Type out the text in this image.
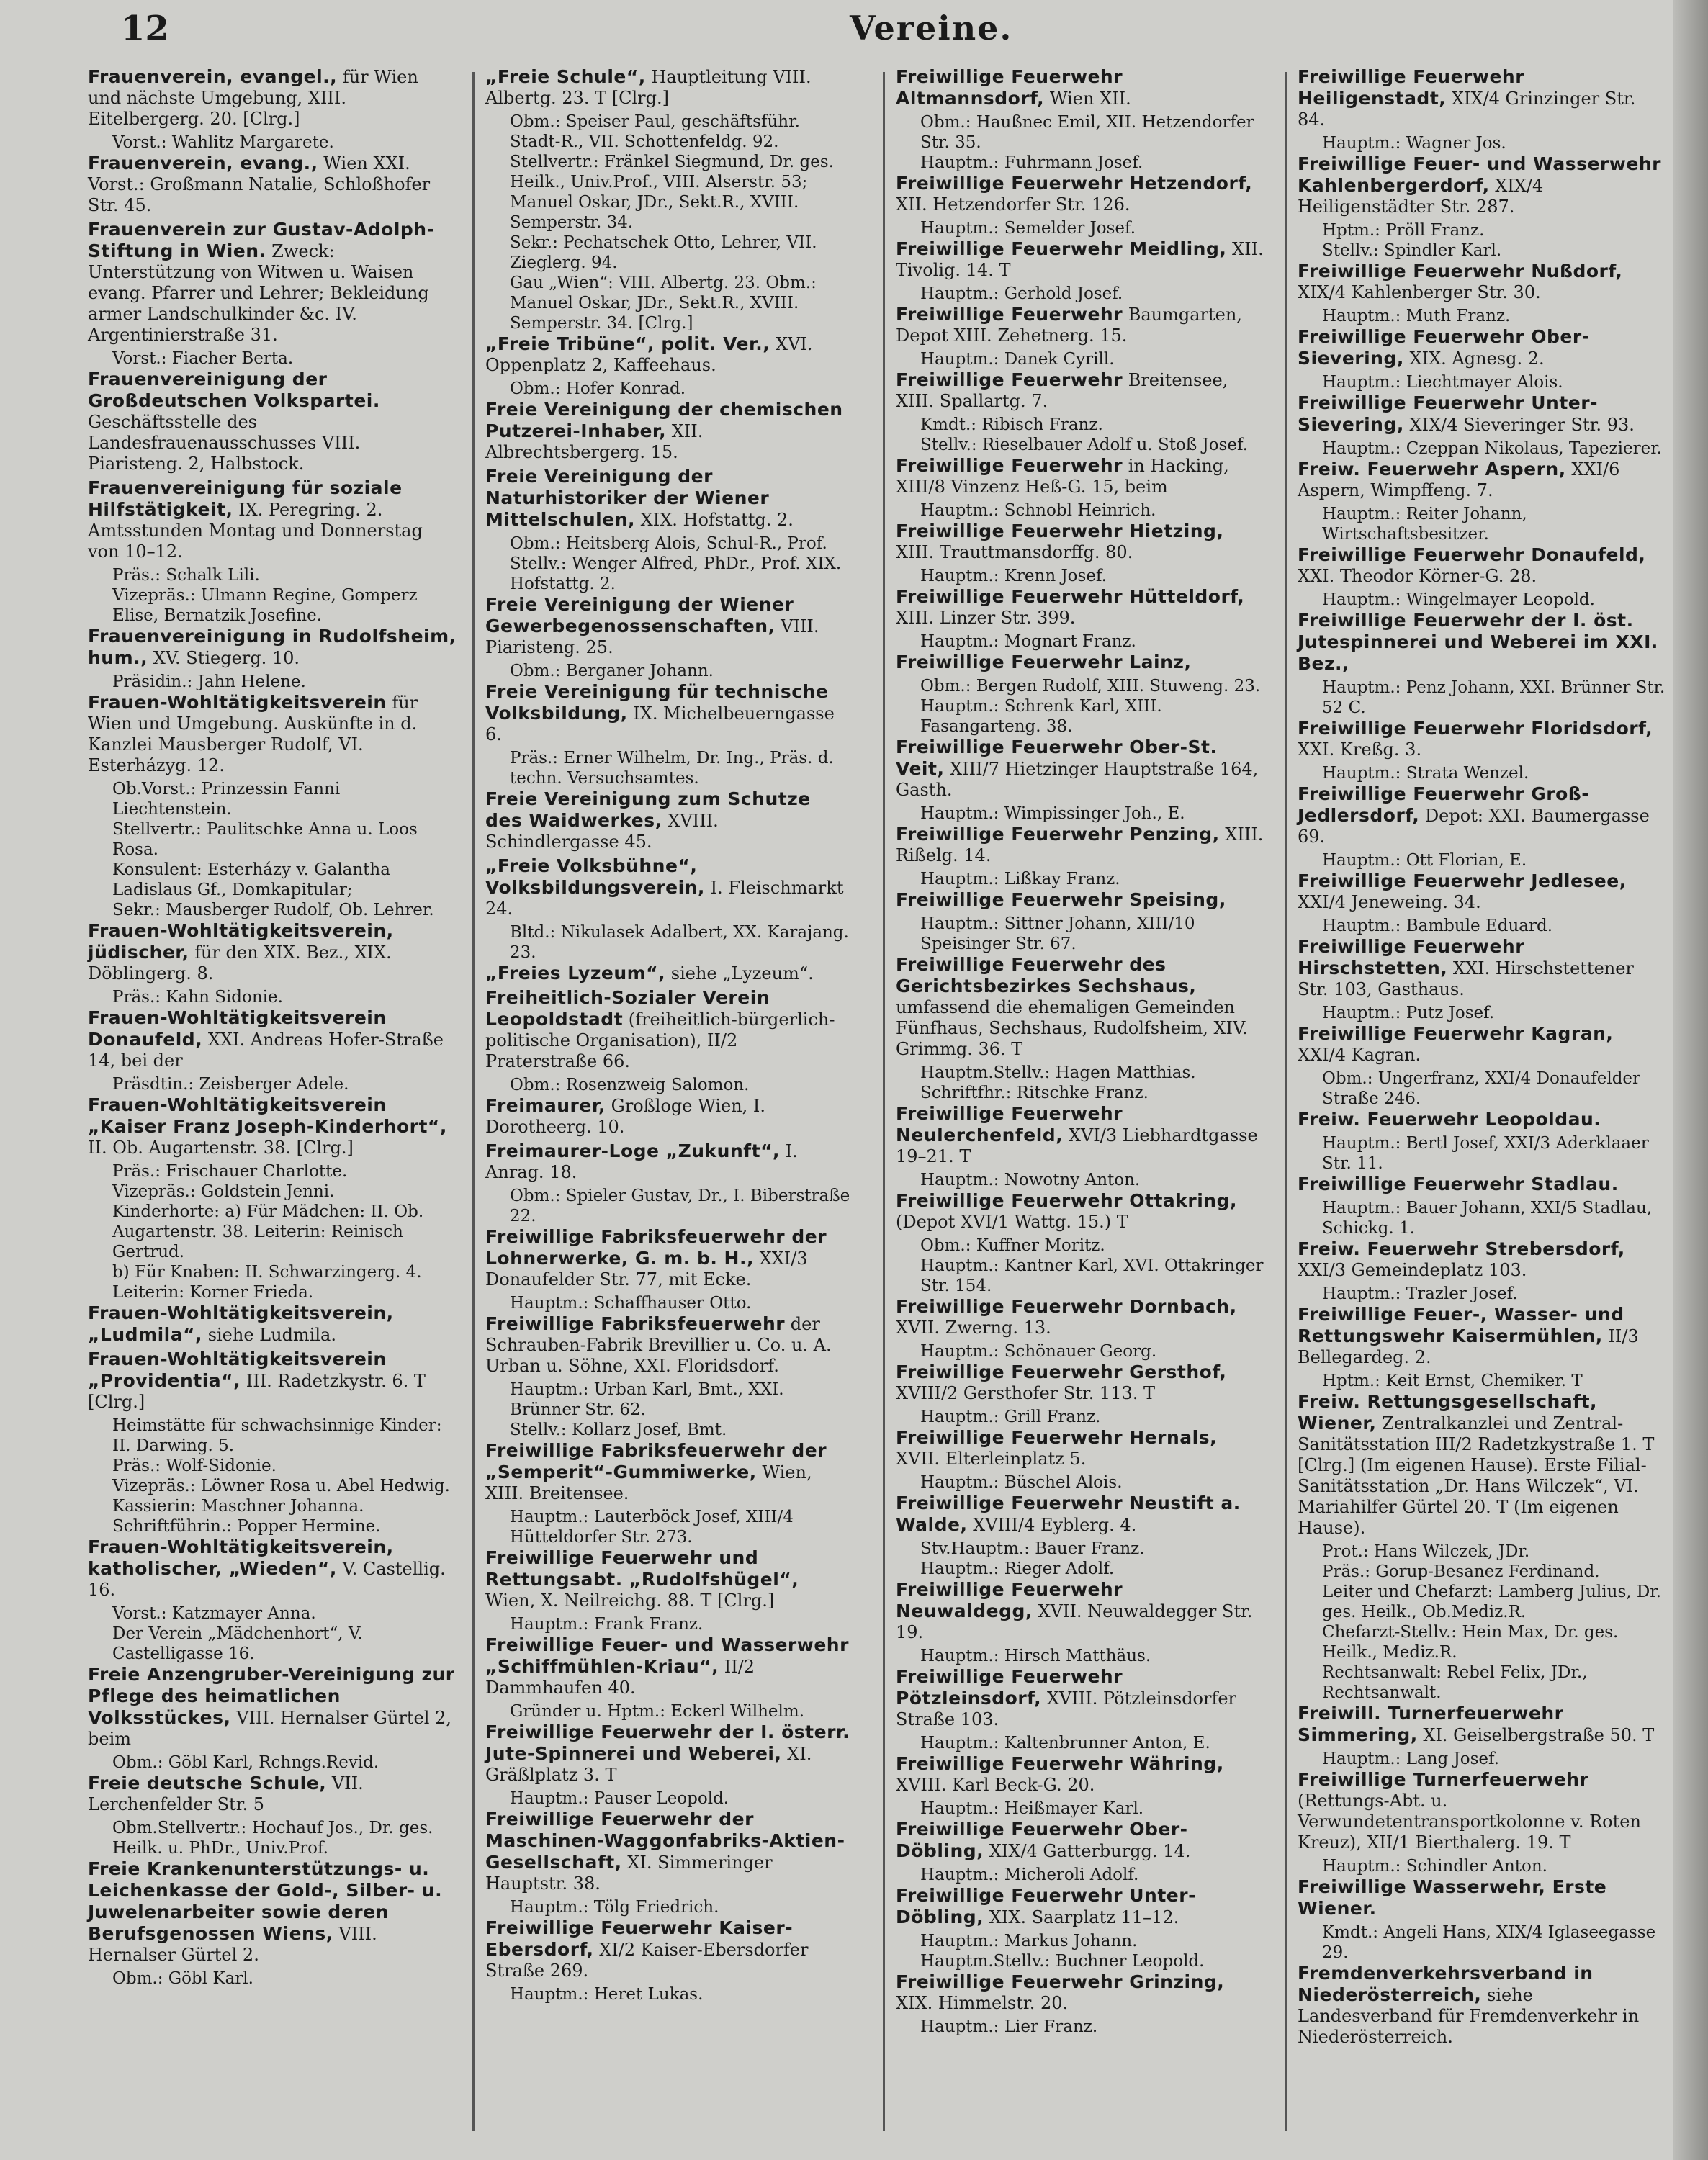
12	Vereine.

Frauenverein, evangel., für Wien und nächste Umgebung, XIII. Eitelbergerg. 20. [Clrg.]

Vorst.: Wahlitz Margarete.

Frauenverein, evang., Wien XXI. Vorst.: Großmann Natalie, Schloßhofer Str. 45.

Frauenverein zur Gustav-Adolph-Stiftung in Wien. Zweck: Unterstützung von Witwen u. Waisen evang. Pfarrer und Lehrer; Bekleidung armer Landschulkinder &c. IV. Argentinierstraße 31.

Vorst.: Fiacher Berta.

Frauenvereinigung der Großdeutschen Volkspartei. Geschäftsstelle des Landesfrauenausschusses VIII. Piaristeng. 2, Halbstock.

Frauenvereinigung für soziale Hilfstätigkeit, IX. Peregring. 2. Amtsstunden Montag und Donnerstag von 10–12.

Präs.: Schalk Lili.

Vizepräs.: Ulmann Regine, Gomperz Elise, Bernatzik Josefine.

Frauenvereinigung in Rudolfsheim, hum., XV. Stiegerg. 10.

Präsidin.: Jahn Helene.

Frauen-Wohltätigkeitsverein für Wien und Umgebung. Auskünfte in d. Kanzlei Mausberger Rudolf, VI. Esterházyg. 12.

Ob.Vorst.: Prinzessin Fanni Liechtenstein.

Stellvertr.: Paulitschke Anna u. Loos Rosa.

Konsulent: Esterházy v. Galantha Ladislaus Gf., Domkapitular;

Sekr.: Mausberger Rudolf, Ob. Lehrer.

Frauen-Wohltätigkeitsverein, jüdischer, für den XIX. Bez., XIX. Döblingerg. 8.

Präs.: Kahn Sidonie.

Frauen-Wohltätigkeitsverein Donaufeld, XXI. Andreas Hofer-Straße 14, bei der

Präsdtin.: Zeisberger Adele.

Frauen-Wohltätigkeitsverein „Kaiser Franz Joseph-Kinderhort“, II. Ob. Augartenstr. 38. [Clrg.]

Präs.: Frischauer Charlotte.

Vizepräs.: Goldstein Jenni.

Kinderhorte: a) Für Mädchen: II. Ob. Augartenstr. 38. Leiterin: Reinisch Gertrud.

b) Für Knaben: II. Schwarzingerg. 4. Leiterin: Korner Frieda.

Frauen-Wohltätigkeitsverein, „Ludmila“, siehe Ludmila.

Frauen-Wohltätigkeitsverein „Providentia“, III. Radetzkystr. 6. T [Clrg.]

Heimstätte für schwachsinnige Kinder: II. Darwing. 5.

Präs.: Wolf-Sidonie.

Vizepräs.: Löwner Rosa u. Abel Hedwig.

Kassierin: Maschner Johanna.

Schriftführin.: Popper Hermine.

Frauen-Wohltätigkeitsverein, katholischer, „Wieden“, V. Castellig. 16.

Vorst.: Katzmayer Anna.

Der Verein „Mädchenhort“, V. Castelligasse 16.

Freie Anzengruber-Vereinigung zur Pflege des heimatlichen Volksstückes, VIII. Hernalser Gürtel 2, beim

Obm.: Göbl Karl, Rchngs.Revid.

Freie deutsche Schule, VII. Lerchenfelder Str. 5

Obm.Stellvertr.: Hochauf Jos., Dr. ges. Heilk. u. PhDr., Univ.Prof.

Freie Krankenunterstützungs- u. Leichenkasse der Gold-, Silber- u. Juwelenarbeiter sowie deren Berufsgenossen Wiens, VIII. Hernalser Gürtel 2.

Obm.: Göbl Karl.

„Freie Schule“, Hauptleitung VIII. Albertg. 23. T [Clrg.]

Obm.: Speiser Paul, geschäftsführ. Stadt-R., VII. Schottenfeldg. 92.

Stellvertr.: Fränkel Siegmund, Dr. ges. Heilk., Univ.Prof., VIII. Alserstr. 53; Manuel Oskar, JDr., Sekt.R., XVIII. Semperstr. 34.

Sekr.: Pechatschek Otto, Lehrer, VII. Zieglerg. 94.

Gau „Wien“: VIII. Albertg. 23. Obm.: Manuel Oskar, JDr., Sekt.R., XVIII. Semperstr. 34. [Clrg.]

„Freie Tribüne“, polit. Ver., XVI. Oppenplatz 2, Kaffeehaus.

Obm.: Hofer Konrad.

Freie Vereinigung der chemischen Putzerei-Inhaber, XII. Albrechtsbergerg. 15.

Freie Vereinigung der Naturhistoriker der Wiener Mittelschulen, XIX. Hofstattg. 2.

Obm.: Heitsberg Alois, Schul-R., Prof.

Stellv.: Wenger Alfred, PhDr., Prof. XIX. Hofstattg. 2.

Freie Vereinigung der Wiener Gewerbegenossenschaften, VIII. Piaristeng. 25.

Obm.: Berganer Johann.

Freie Vereinigung für technische Volksbildung, IX. Michelbeuerngasse 6.

Präs.: Erner Wilhelm, Dr. Ing., Präs. d. techn. Versuchsamtes.

Freie Vereinigung zum Schutze des Waidwerkes, XVIII. Schindlergasse 45.

„Freie Volksbühne“, Volksbildungsverein, I. Fleischmarkt 24.

Bltd.: Nikulasek Adalbert, XX. Karajang. 23.

„Freies Lyzeum“, siehe „Lyzeum“.

Freiheitlich-Sozialer Verein Leopoldstadt (freiheitlich-bürgerlich-politische Organisation), II/2 Praterstraße 66.

Obm.: Rosenzweig Salomon.

Freimaurer, Großloge Wien, I. Dorotheerg. 10.

Freimaurer-Loge „Zukunft“, I. Anrag. 18.

Obm.: Spieler Gustav, Dr., I. Biberstraße 22.

Freiwillige Fabriksfeuerwehr der Lohnerwerke, G. m. b. H., XXI/3 Donaufelder Str. 77, mit Ecke.

Hauptm.: Schaffhauser Otto.

Freiwillige Fabriksfeuerwehr der Schrauben-Fabrik Brevillier u. Co. u. A. Urban u. Söhne, XXI. Floridsdorf.

Hauptm.: Urban Karl, Bmt., XXI. Brünner Str. 62.

Stellv.: Kollarz Josef, Bmt.

Freiwillige Fabriksfeuerwehr der „Semperit“-Gummiwerke, Wien, XIII. Breitensee.

Hauptm.: Lauterböck Josef, XIII/4 Hütteldorfer Str. 273.

Freiwillige Feuerwehr und Rettungsabt. „Rudolfshügel“, Wien, X. Neilreichg. 88. T [Clrg.]

Hauptm.: Frank Franz.

Freiwillige Feuer- und Wasserwehr „Schiffmühlen-Kriau“, II/2 Dammhaufen 40.

Gründer u. Hptm.: Eckerl Wilhelm.

Freiwillige Feuerwehr der I. österr. Jute-Spinnerei und Weberei, XI. Gräßlplatz 3. T

Hauptm.: Pauser Leopold.

Freiwillige Feuerwehr der Maschinen-Waggonfabriks-Aktien-Gesellschaft, XI. Simmeringer Hauptstr. 38.

Hauptm.: Tölg Friedrich.

Freiwillige Feuerwehr Kaiser-Ebersdorf, XI/2 Kaiser-Ebersdorfer Straße 269.

Hauptm.: Heret Lukas.

Freiwillige Feuerwehr Altmannsdorf, Wien XII.

Obm.: Haußnec Emil, XII. Hetzendorfer Str. 35.

Hauptm.: Fuhrmann Josef.

Freiwillige Feuerwehr Hetzendorf, XII. Hetzendorfer Str. 126.

Hauptm.: Semelder Josef.

Freiwillige Feuerwehr Meidling, XII. Tivolig. 14. T

Hauptm.: Gerhold Josef.

Freiwillige Feuerwehr Baumgarten, Depot XIII. Zehetnerg. 15.

Hauptm.: Danek Cyrill.

Freiwillige Feuerwehr Breitensee, XIII. Spallartg. 7.

Kmdt.: Ribisch Franz.

Stellv.: Rieselbauer Adolf u. Stoß Josef.

Freiwillige Feuerwehr in Hacking, XIII/8 Vinzenz Heß-G. 15, beim

Hauptm.: Schnobl Heinrich.

Freiwillige Feuerwehr Hietzing, XIII. Trauttmansdorffg. 80.

Hauptm.: Krenn Josef.

Freiwillige Feuerwehr Hütteldorf, XIII. Linzer Str. 399.

Hauptm.: Mognart Franz.

Freiwillige Feuerwehr Lainz,

Obm.: Bergen Rudolf, XIII. Stuweng. 23.

Hauptm.: Schrenk Karl, XIII. Fasangarteng. 38.

Freiwillige Feuerwehr Ober-St. Veit, XIII/7 Hietzinger Hauptstraße 164, Gasth.

Hauptm.: Wimpissinger Joh., E.

Freiwillige Feuerwehr Penzing, XIII. Rißelg. 14.

Hauptm.: Lißkay Franz.

Freiwillige Feuerwehr Speising,

Hauptm.: Sittner Johann, XIII/10 Speisinger Str. 67.

Freiwillige Feuerwehr des Gerichtsbezirkes Sechshaus, umfassend die ehemaligen Gemeinden Fünfhaus, Sechshaus, Rudolfsheim, XIV. Grimmg. 36. T

Hauptm.Stellv.: Hagen Matthias.

Schriftfhr.: Ritschke Franz.

Freiwillige Feuerwehr Neulerchenfeld, XVI/3 Liebhardtgasse 19–21. T

Hauptm.: Nowotny Anton.

Freiwillige Feuerwehr Ottakring, (Depot XVI/1 Wattg. 15.) T

Obm.: Kuffner Moritz.

Hauptm.: Kantner Karl, XVI. Ottakringer Str. 154.

Freiwillige Feuerwehr Dornbach, XVII. Zwerng. 13.

Hauptm.: Schönauer Georg.

Freiwillige Feuerwehr Gersthof, XVIII/2 Gersthofer Str. 113. T

Hauptm.: Grill Franz.

Freiwillige Feuerwehr Hernals, XVII. Elterleinplatz 5.

Hauptm.: Büschel Alois.

Freiwillige Feuerwehr Neustift a. Walde, XVIII/4 Eyblerg. 4.

Stv.Hauptm.: Bauer Franz.

Hauptm.: Rieger Adolf.

Freiwillige Feuerwehr Neuwaldegg, XVII. Neuwaldegger Str. 19.

Hauptm.: Hirsch Matthäus.

Freiwillige Feuerwehr Pötzleinsdorf, XVIII. Pötzleinsdorfer Straße 103.

Hauptm.: Kaltenbrunner Anton, E.

Freiwillige Feuerwehr Währing, XVIII. Karl Beck-G. 20.

Hauptm.: Heißmayer Karl.

Freiwillige Feuerwehr Ober-Döbling, XIX/4 Gatterburgg. 14.

Hauptm.: Micheroli Adolf.

Freiwillige Feuerwehr Unter-Döbling, XIX. Saarplatz 11–12.

Hauptm.: Markus Johann.

Hauptm.Stellv.: Buchner Leopold.

Freiwillige Feuerwehr Grinzing, XIX. Himmelstr. 20.

Hauptm.: Lier Franz.

Freiwillige Feuerwehr Heiligenstadt, XIX/4 Grinzinger Str. 84.

Hauptm.: Wagner Jos.

Freiwillige Feuer- und Wasserwehr Kahlenbergerdorf, XIX/4 Heiligenstädter Str. 287.

Hptm.: Pröll Franz.

Stellv.: Spindler Karl.

Freiwillige Feuerwehr Nußdorf, XIX/4 Kahlenberger Str. 30.

Hauptm.: Muth Franz.

Freiwillige Feuerwehr Ober-Sievering, XIX. Agnesg. 2.

Hauptm.: Liechtmayer Alois.

Freiwillige Feuerwehr Unter-Sievering, XIX/4 Sieveringer Str. 93.

Hauptm.: Czeppan Nikolaus, Tapezierer.

Freiw. Feuerwehr Aspern, XXI/6 Aspern, Wimpffeng. 7.

Hauptm.: Reiter Johann, Wirtschaftsbesitzer.

Freiwillige Feuerwehr Donaufeld, XXI. Theodor Körner-G. 28.

Hauptm.: Wingelmayer Leopold.

Freiwillige Feuerwehr der I. öst. Jutespinnerei und Weberei im XXI. Bez.,

Hauptm.: Penz Johann, XXI. Brünner Str. 52 C.

Freiwillige Feuerwehr Floridsdorf, XXI. Kreßg. 3.

Hauptm.: Strata Wenzel.

Freiwillige Feuerwehr Groß-Jedlersdorf, Depot: XXI. Baumergasse 69.

Hauptm.: Ott Florian, E.

Freiwillige Feuerwehr Jedlesee, XXI/4 Jeneweing. 34.

Hauptm.: Bambule Eduard.

Freiwillige Feuerwehr Hirschstetten, XXI. Hirschstettener Str. 103, Gasthaus.

Hauptm.: Putz Josef.

Freiwillige Feuerwehr Kagran, XXI/4 Kagran.

Obm.: Ungerfranz, XXI/4 Donaufelder Straße 246.

Freiw. Feuerwehr Leopoldau.

Hauptm.: Bertl Josef, XXI/3 Aderklaaer Str. 11.

Freiwillige Feuerwehr Stadlau.

Hauptm.: Bauer Johann, XXI/5 Stadlau, Schickg. 1.

Freiw. Feuerwehr Strebersdorf, XXI/3 Gemeindeplatz 103.

Hauptm.: Trazler Josef.

Freiwillige Feuer-, Wasser- und Rettungswehr Kaisermühlen, II/3 Bellegardeg. 2.

Hptm.: Keit Ernst, Chemiker. T

Freiw. Rettungsgesellschaft, Wiener, Zentralkanzlei und Zentral-Sanitätsstation III/2 Radetzkystraße 1. T [Clrg.] (Im eigenen Hause). Erste Filial-Sanitätsstation „Dr. Hans Wilczek“, VI. Mariahilfer Gürtel 20. T (Im eigenen Hause).

Prot.: Hans Wilczek, JDr.

Präs.: Gorup-Besanez Ferdinand.

Leiter und Chefarzt: Lamberg Julius, Dr. ges. Heilk., Ob.Mediz.R.

Chefarzt-Stellv.: Hein Max, Dr. ges. Heilk., Mediz.R.

Rechtsanwalt: Rebel Felix, JDr., Rechtsanwalt.

Freiwill. Turnerfeuerwehr Simmering, XI. Geiselbergstraße 50. T

Hauptm.: Lang Josef.

Freiwillige Turnerfeuerwehr (Rettungs-Abt. u. Verwundetentransportkolonne v. Roten Kreuz), XII/1 Bierthalerg. 19. T

Hauptm.: Schindler Anton.

Freiwillige Wasserwehr, Erste Wiener.

Kmdt.: Angeli Hans, XIX/4 Iglaseegasse 29.

Fremdenverkehrsverband in Niederösterreich, siehe Landesverband für Fremdenverkehr in Niederösterreich.
